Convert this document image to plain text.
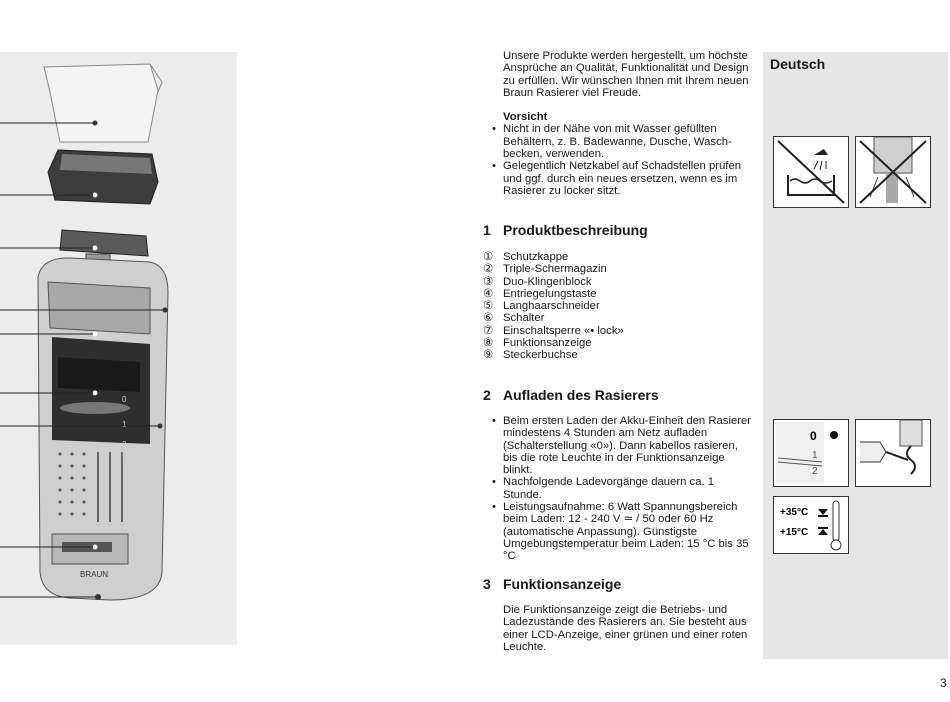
0
1
2
3
BRAUN
Unsere Produkte werden hergestellt, um höchste Ansprüche an Qualität, Funktionalität und Design zu erfüllen. Wir wünschen Ihnen mit Ihrem neuen Braun Rasierer viel Freude.
Vorsicht
• Nicht in der Nähe von mit Wasser gefüllten Behältern, z. B. Badewanne, Dusche, Wasch-becken, verwenden.
• Gelegentlich Netzkabel auf Schadstellen prüfen und ggf. durch ein neues ersetzen, wenn es im Rasierer zu locker sitzt.
1 Produktbeschreibung
① Schutzkappe
② Triple-Schermagazin
③ Duo-Klingenblock
④ Entriegelungstaste
⑤ Langhaarschneider
⑥ Schalter
⑦ Einschaltsperre «• lock»
⑧ Funktionsanzeige
⑨ Steckerbuchse
2 Aufladen des Rasierers
• Beim ersten Laden der Akku-Einheit den Rasierer mindestens 4 Stunden am Netz aufladen (Schalterstellung «0»). Dann kabellos rasieren, bis die rote Leuchte in der Funktionsanzeige blinkt.
• Nachfolgende Ladevorgänge dauern ca. 1 Stunde.
• Leistungsaufnahme: 6 Watt Spannungsbereich beim Laden: 12 - 240 V ≃ / 50 oder 60 Hz (automatische Anpassung). Günstigste Umgebungstemperatur beim Laden: 15 °C bis 35 °C
3 Funktionsanzeige
Die Funktionsanzeige zeigt die Betriebs- und Ladezustände des Rasierers an. Sie besteht aus einer LCD-Anzeige, einer grünen und einer roten Leuchte.
Deutsch
0
1
2
+35°C
+15°C
3
